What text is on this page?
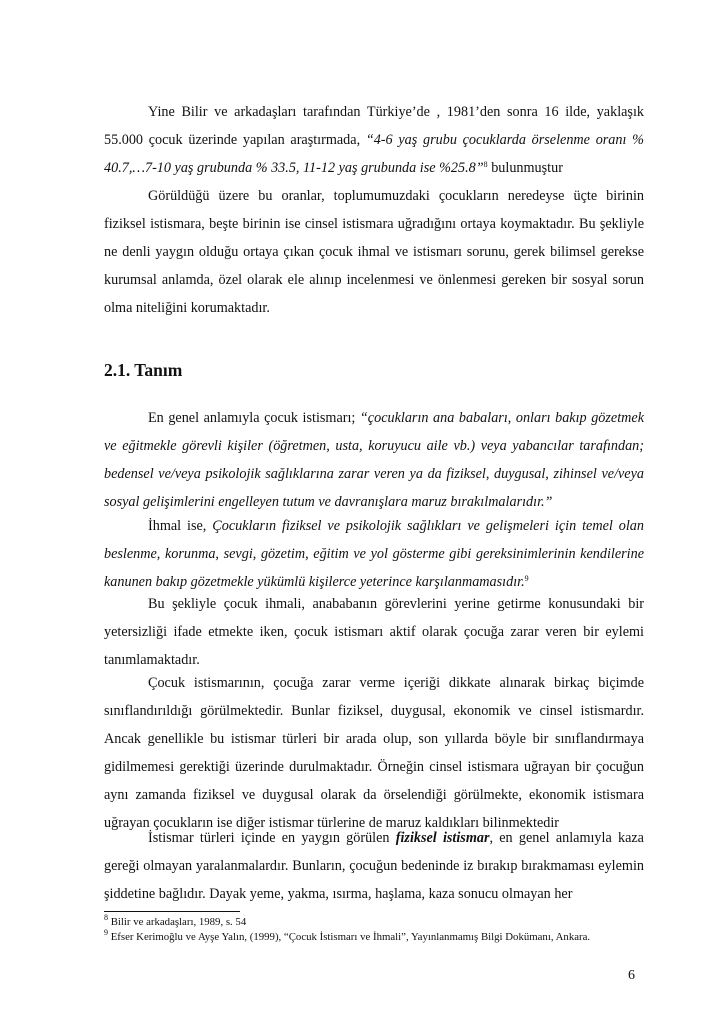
Yine Bilir ve arkadaşları tarafından Türkiye’de , 1981’den sonra 16 ilde, yaklaşık 55.000 çocuk üzerinde yapılan araştırmada, “4-6 yaş grubu çocuklarda örselenme oranı % 40.7,…7-10 yaş grubunda % 33.5, 11-12 yaş grubunda ise %25.8”$^8$ bulunmuştur

Görüldüğü üzere bu oranlar, toplumumuzdaki çocukların neredeyse üçte birinin fiziksel istismara, beşte birinin ise cinsel istismara uğradığını ortaya koymaktadır. Bu şekliyle ne denli yaygın olduğu ortaya çıkan çocuk ihmal ve istismarı sorunu, gerek bilimsel gerekse kurumsal anlamda, özel olarak ele alınıp incelenmesi ve önlenmesi gereken bir sosyal sorun olma niteliğini korumaktadır.

2.1. Tanım

En genel anlamıyla çocuk istismarı; “çocukların ana babaları, onları bakıp gözetmek ve eğitmekle görevli kişiler (öğretmen, usta, koruyucu aile vb.) veya yabancılar tarafından; bedensel ve/veya psikolojik sağlıklarına zarar veren ya da fiziksel, duygusal, zihinsel ve/veya sosyal gelişimlerini engelleyen tutum ve davranışlara maruz bırakılmalarıdır.”

İhmal ise, Çocukların fiziksel ve psikolojik sağlıkları ve gelişmeleri için temel olan beslenme, korunma, sevgi, gözetim, eğitim ve yol gösterme gibi gereksinimlerinin kendilerine kanunen bakıp gözetmekle yükümlü kişilerce yeterince karşılanmamasıdır.$^9$

Bu şekliyle çocuk ihmali, anababanın görevlerini yerine getirme konusundaki bir yetersizliği ifade etmekte iken, çocuk istismarı aktif olarak çocuğa zarar veren bir eylemi tanımlamaktadır.

Çocuk istismarının, çocuğa zarar verme içeriği dikkate alınarak birkaç biçimde sınıflandırıldığı görülmektedir. Bunlar fiziksel, duygusal, ekonomik ve cinsel istismardır. Ancak genellikle bu istismar türleri bir arada olup, son yıllarda böyle bir sınıflandırmaya gidilmemesi gerektiği üzerinde durulmaktadır. Örneğin cinsel istismara uğrayan bir çocuğun aynı zamanda fiziksel ve duygusal olarak da örselendiği görülmekte, ekonomik istismara uğrayan çocukların ise diğer istismar türlerine de maruz kaldıkları bilinmektedir

İstismar türleri içinde en yaygın görülen fiziksel istismar, en genel anlamıyla kaza gereği olmayan yaralanmalardır. Bunların, çocuğun bedeninde iz bırakıp bırakmaması eylemin şiddetine bağlıdır. Dayak yeme, yakma, ısırma, haşlama, kaza sonucu olmayan her

$^8$ Bilir ve arkadaşları, 1989, s. 54

$^9$ Efser Kerimoğlu ve Ayşe Yalın, (1999), “Çocuk İstismarı ve İhmali”, Yayınlanmamış Bilgi Dokümanı, Ankara.

6
